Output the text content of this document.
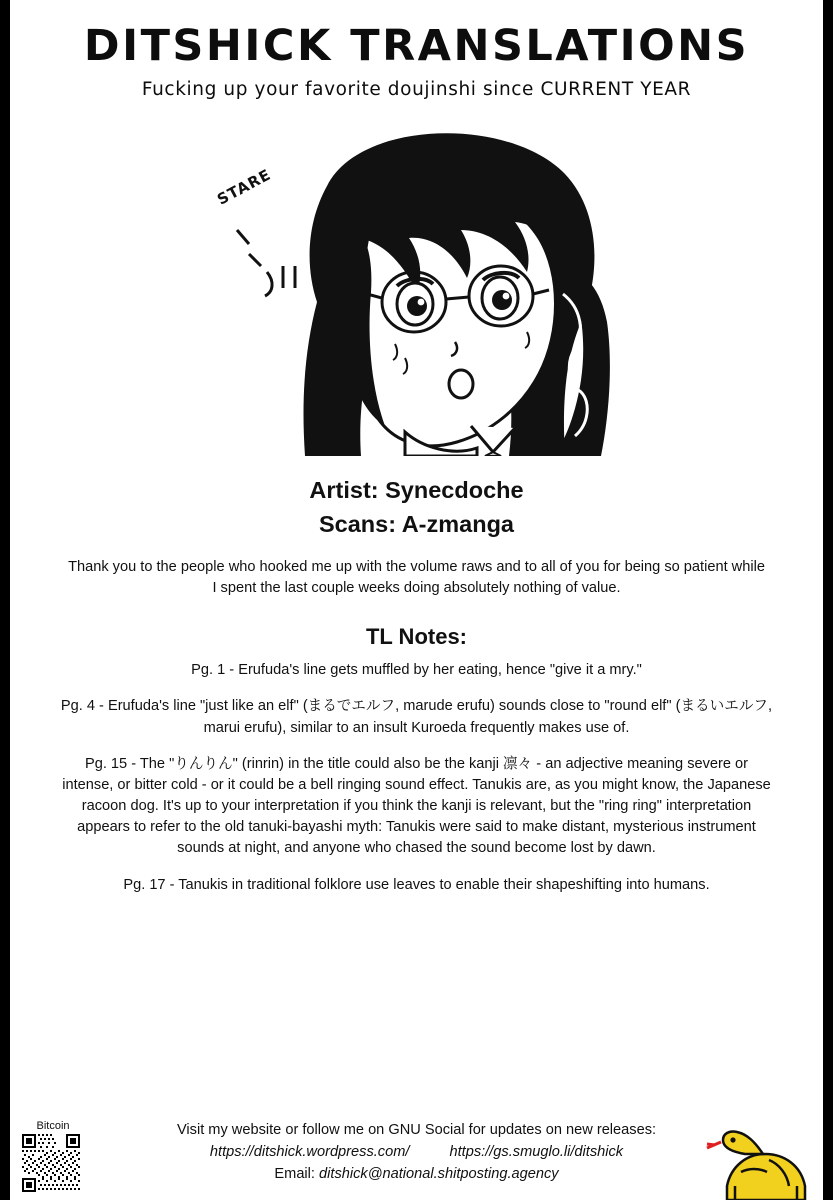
DITSHICK TRANSLATIONS
Fucking up your favorite doujinshi since CURRENT YEAR
STARE
Artist: Synecdoche
Scans: A-zmanga
Thank you to the people who hooked me up with the volume raws and to all of you for being so patient while I spent the last couple weeks doing absolutely nothing of value.
TL Notes:
Pg. 1 - Erufuda's line gets muffled by her eating, hence "give it a mry."
Pg. 4 - Erufuda's line "just like an elf" (まるでエルフ, marude erufu) sounds close to "round elf" (まるいエルフ, marui erufu), similar to an insult Kuroeda frequently makes use of.
Pg. 15 - The "りんりん" (rinrin) in the title could also be the kanji 凛々 - an adjective meaning severe or intense, or bitter cold - or it could be a bell ringing sound effect. Tanukis are, as you might know, the Japanese racoon dog. It's up to your interpretation if you think the kanji is relevant, but the "ring ring" interpretation appears to refer to the old tanuki-bayashi myth: Tanukis were said to make distant, mysterious instrument sounds at night, and anyone who chased the sound become lost by dawn.
Pg. 17 - Tanukis in traditional folklore use leaves to enable their shapeshifting into humans.
Visit my website or follow me on GNU Social for updates on new releases:
https://ditshick.wordpress.com/	https://gs.smuglo.li/ditshick
Email: ditshick@national.shitposting.agency
Bitcoin
